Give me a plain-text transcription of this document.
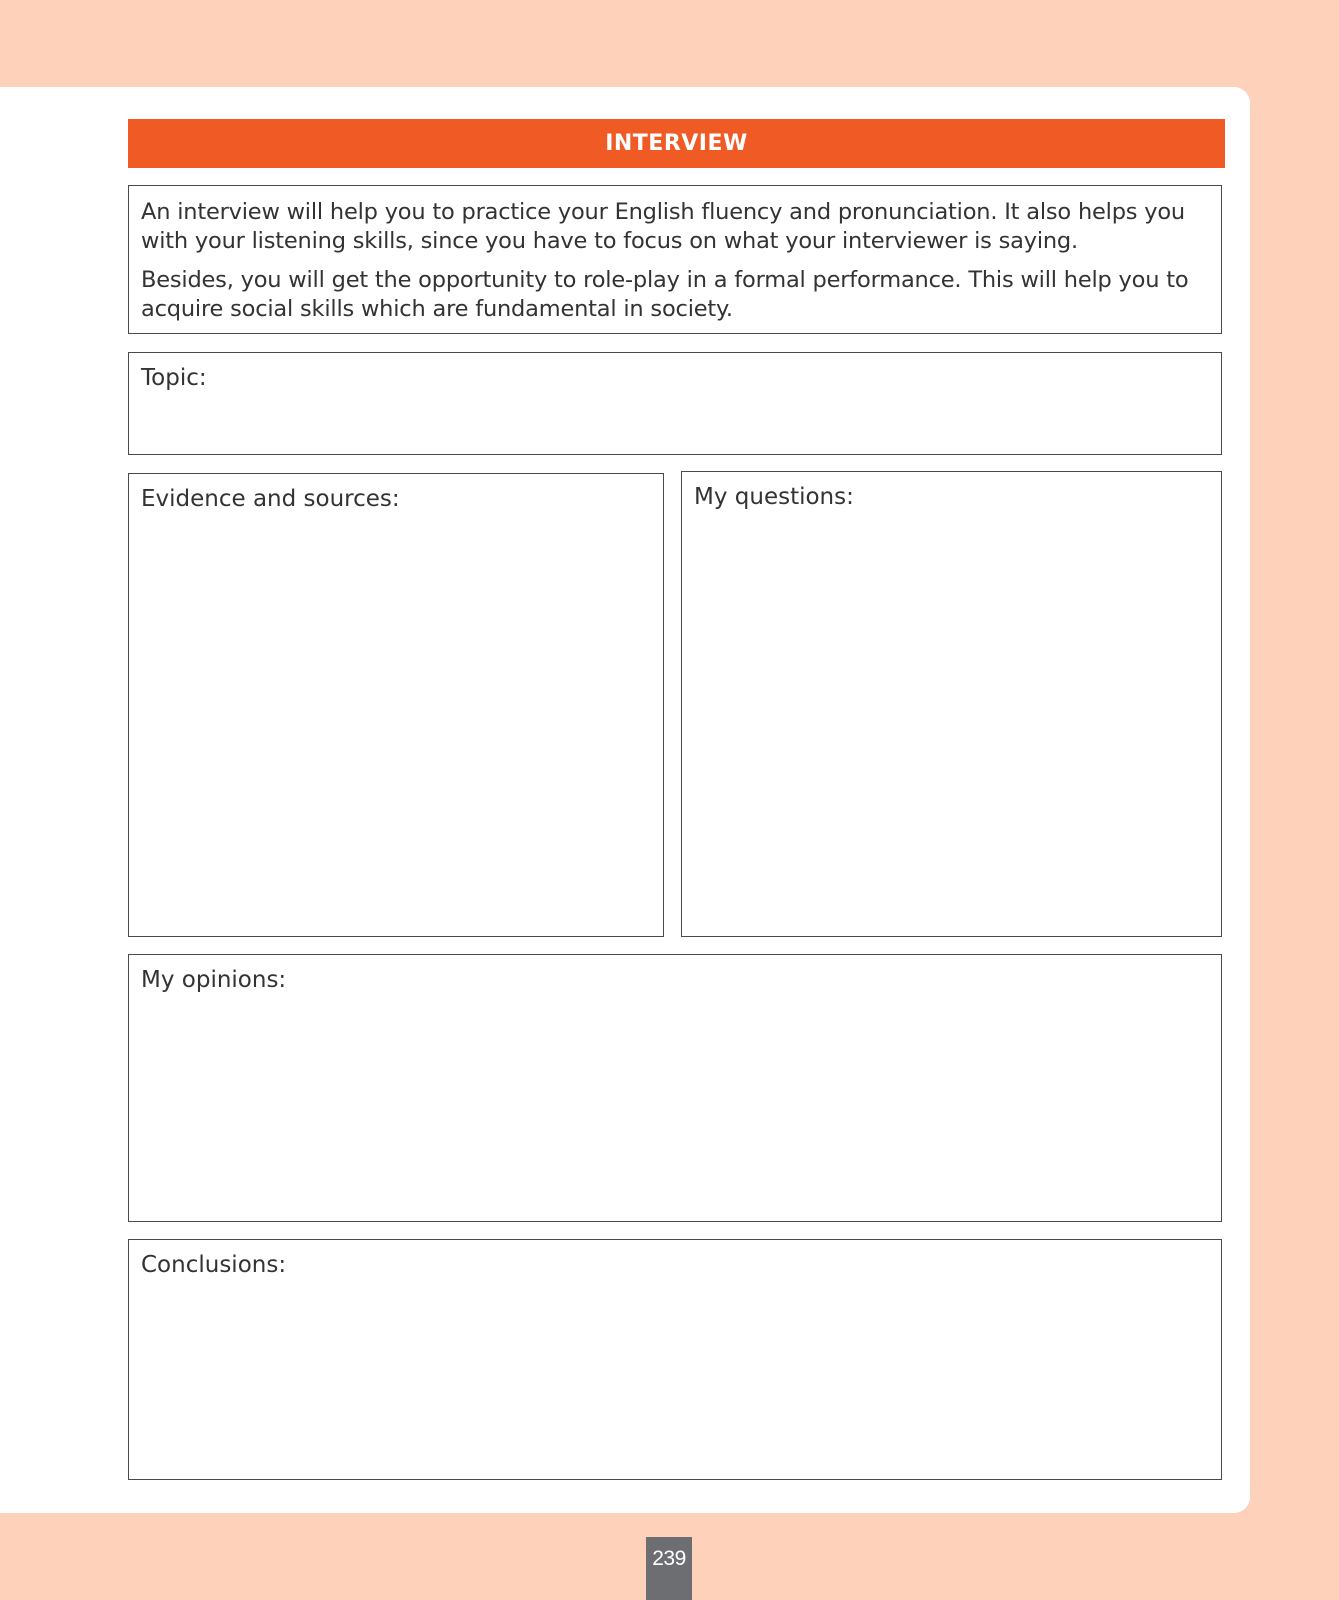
INTERVIEW

An interview will help you to practice your English fluency and pronunciation. It also helps you with your listening skills, since you have to focus on what your interviewer is saying.

Besides, you will get the opportunity to role-play in a formal performance. This will help you to acquire social skills which are fundamental in society.

Topic:
Evidence and sources:	My questions:
My opinions:
Conclusions:
239
